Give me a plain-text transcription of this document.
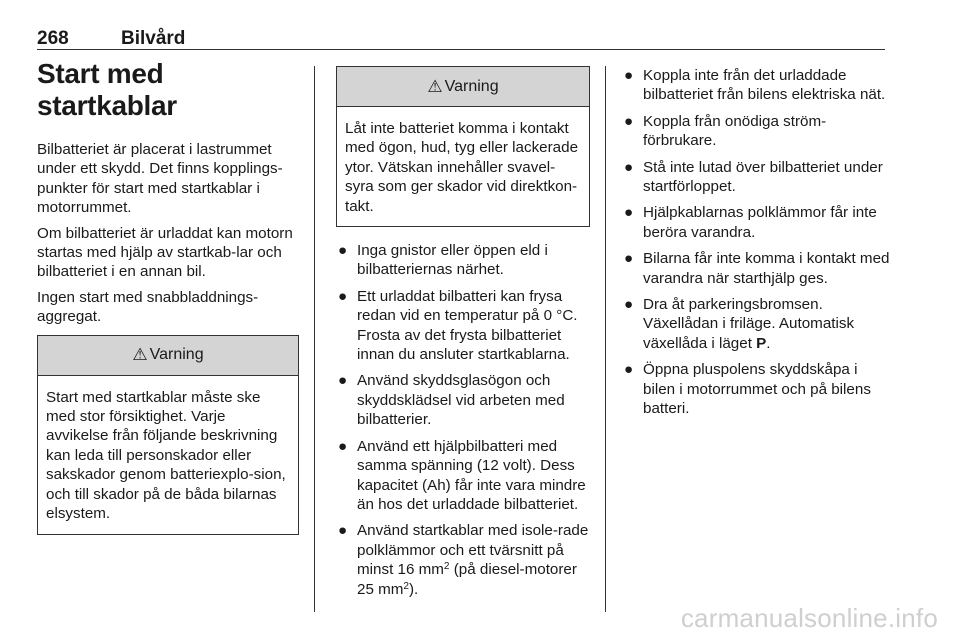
268	Bilvård
Start med startkablar

Bilbatteriet är placerat i lastrummet under ett skydd. Det finns kopplings-punkter för start med startkablar i motorrummet.

Om bilbatteriet är urladdat kan motorn startas med hjälp av startkab-lar och bilbatteriet i en annan bil.

Ingen start med snabbladdnings-aggregat.

⚠ Varning
Start med startkablar måste ske med stor försiktighet. Varje avvikelse från följande beskrivning kan leda till personskador eller sakskador genom batteriexplo-sion, och till skador på de båda bilarnas elsystem.
⚠ Varning
Låt inte batteriet komma i kontakt med ögon, hud, tyg eller lackerade ytor. Vätskan innehåller svavel-syra som ger skador vid direktkon-takt.
● Inga gnistor eller öppen eld i bilbatteriernas närhet.
● Ett urladdat bilbatteri kan frysa redan vid en temperatur på 0 °C. Frosta av det frysta bilbatteriet innan du ansluter startkablarna.
● Använd skyddsglasögon och skyddsklädsel vid arbeten med bilbatterier.
● Använd ett hjälpbilbatteri med samma spänning (12 volt). Dess kapacitet (Ah) får inte vara mindre än hos det urladdade bilbatteriet.
● Använd startkablar med isole-rade polklämmor och ett tvärsnitt på minst 16 $mm^2$ (på diesel-motorer 25 $mm^2$).
● Koppla inte från det urladdade bilbatteriet från bilens elektriska nät.
● Koppla från onödiga ström-förbrukare.
● Stå inte lutad över bilbatteriet under startförloppet.
● Hjälpkablarnas polklämmor får inte beröra varandra.
● Bilarna får inte komma i kontakt med varandra när starthjälp ges.
● Dra åt parkeringsbromsen. Växellådan i friläge. Automatisk växellåda i läget P.
● Öppna pluspolens skyddskåpa i bilen i motorrummet och på bilens batteri.
carmanualsonline.info
